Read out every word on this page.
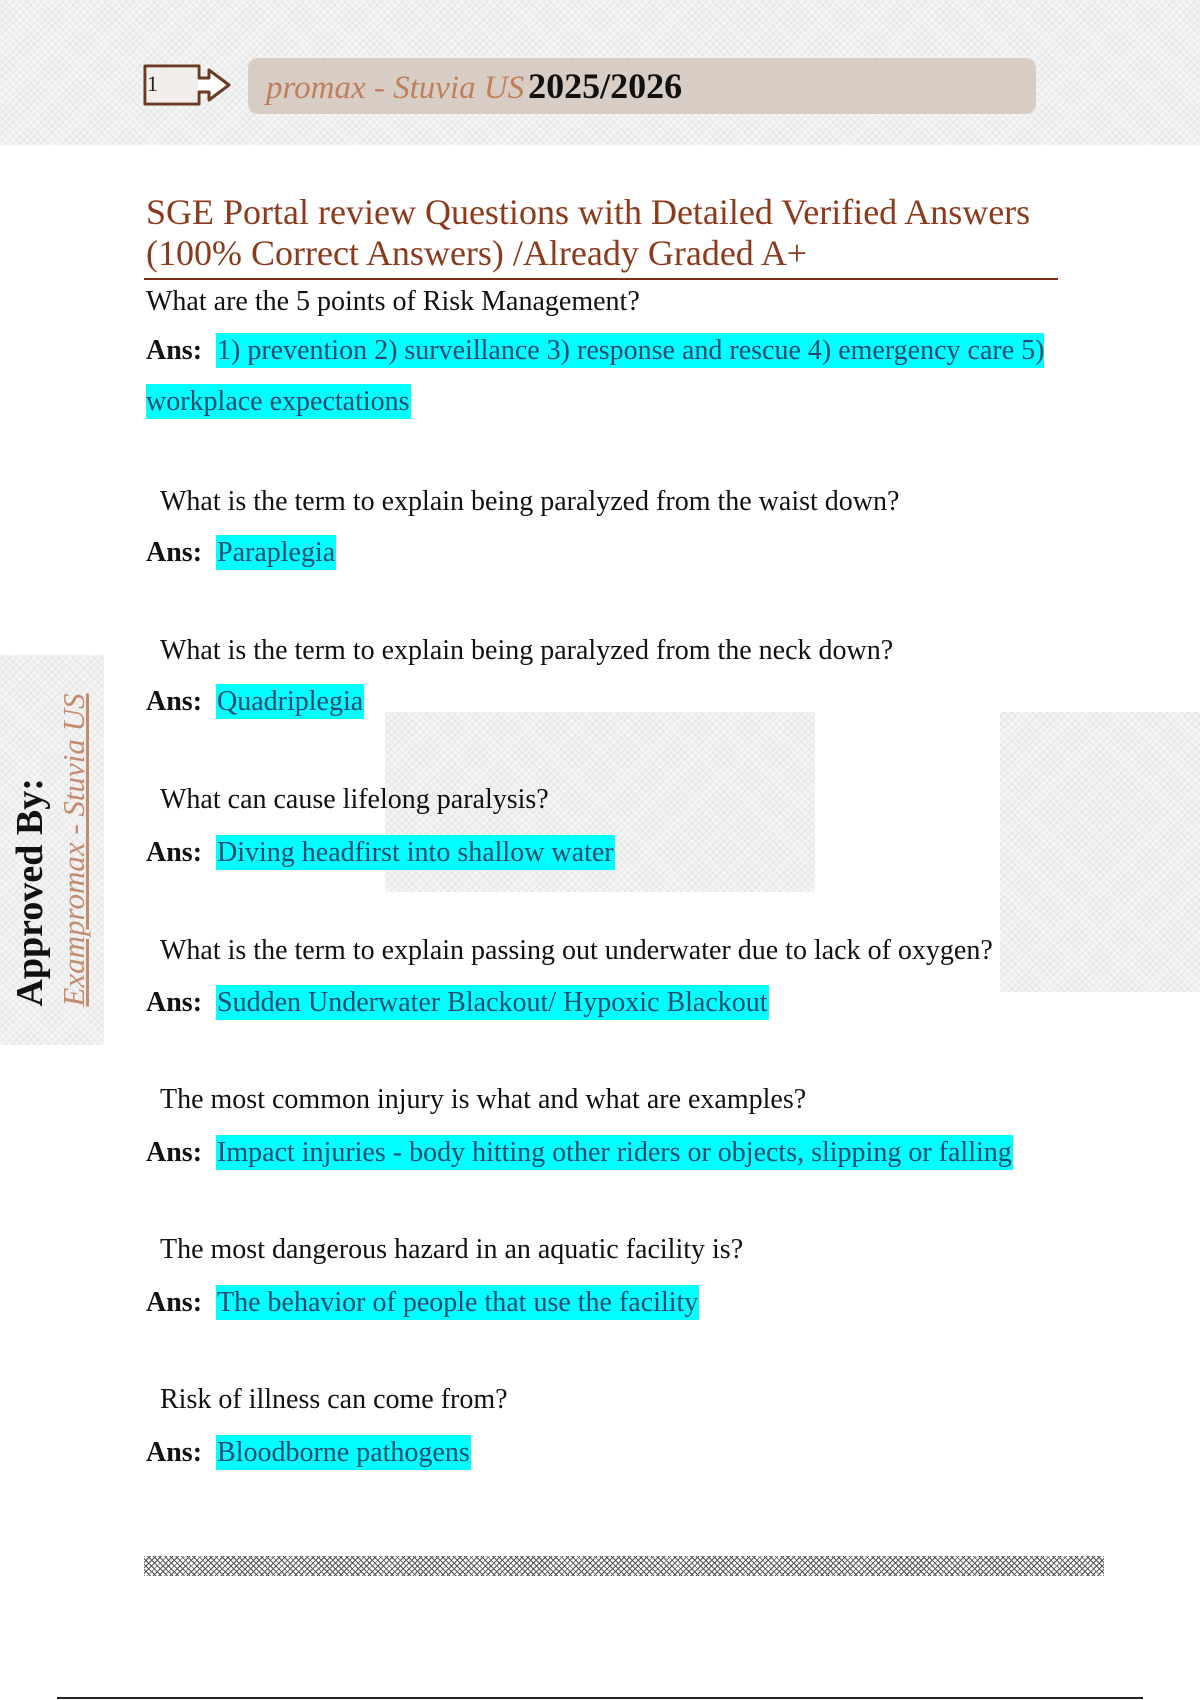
1	promax - Stuvia US 2025/2026
Approved By: Exampromax - Stuvia US
SGE Portal review Questions with Detailed Verified Answers (100% Correct Answers) /Already Graded A+
What are the 5 points of Risk Management?
Ans: 1) prevention 2) surveillance 3) response and rescue 4) emergency care 5) workplace expectations
What is the term to explain being paralyzed from the waist down?
Ans: Paraplegia
What is the term to explain being paralyzed from the neck down?
Ans: Quadriplegia
What can cause lifelong paralysis?
Ans: Diving headfirst into shallow water
What is the term to explain passing out underwater due to lack of oxygen?
Ans: Sudden Underwater Blackout/ Hypoxic Blackout
The most common injury is what and what are examples?
Ans: Impact injuries - body hitting other riders or objects, slipping or falling
The most dangerous hazard in an aquatic facility is?
Ans: The behavior of people that use the facility
Risk of illness can come from?
Ans: Bloodborne pathogens
